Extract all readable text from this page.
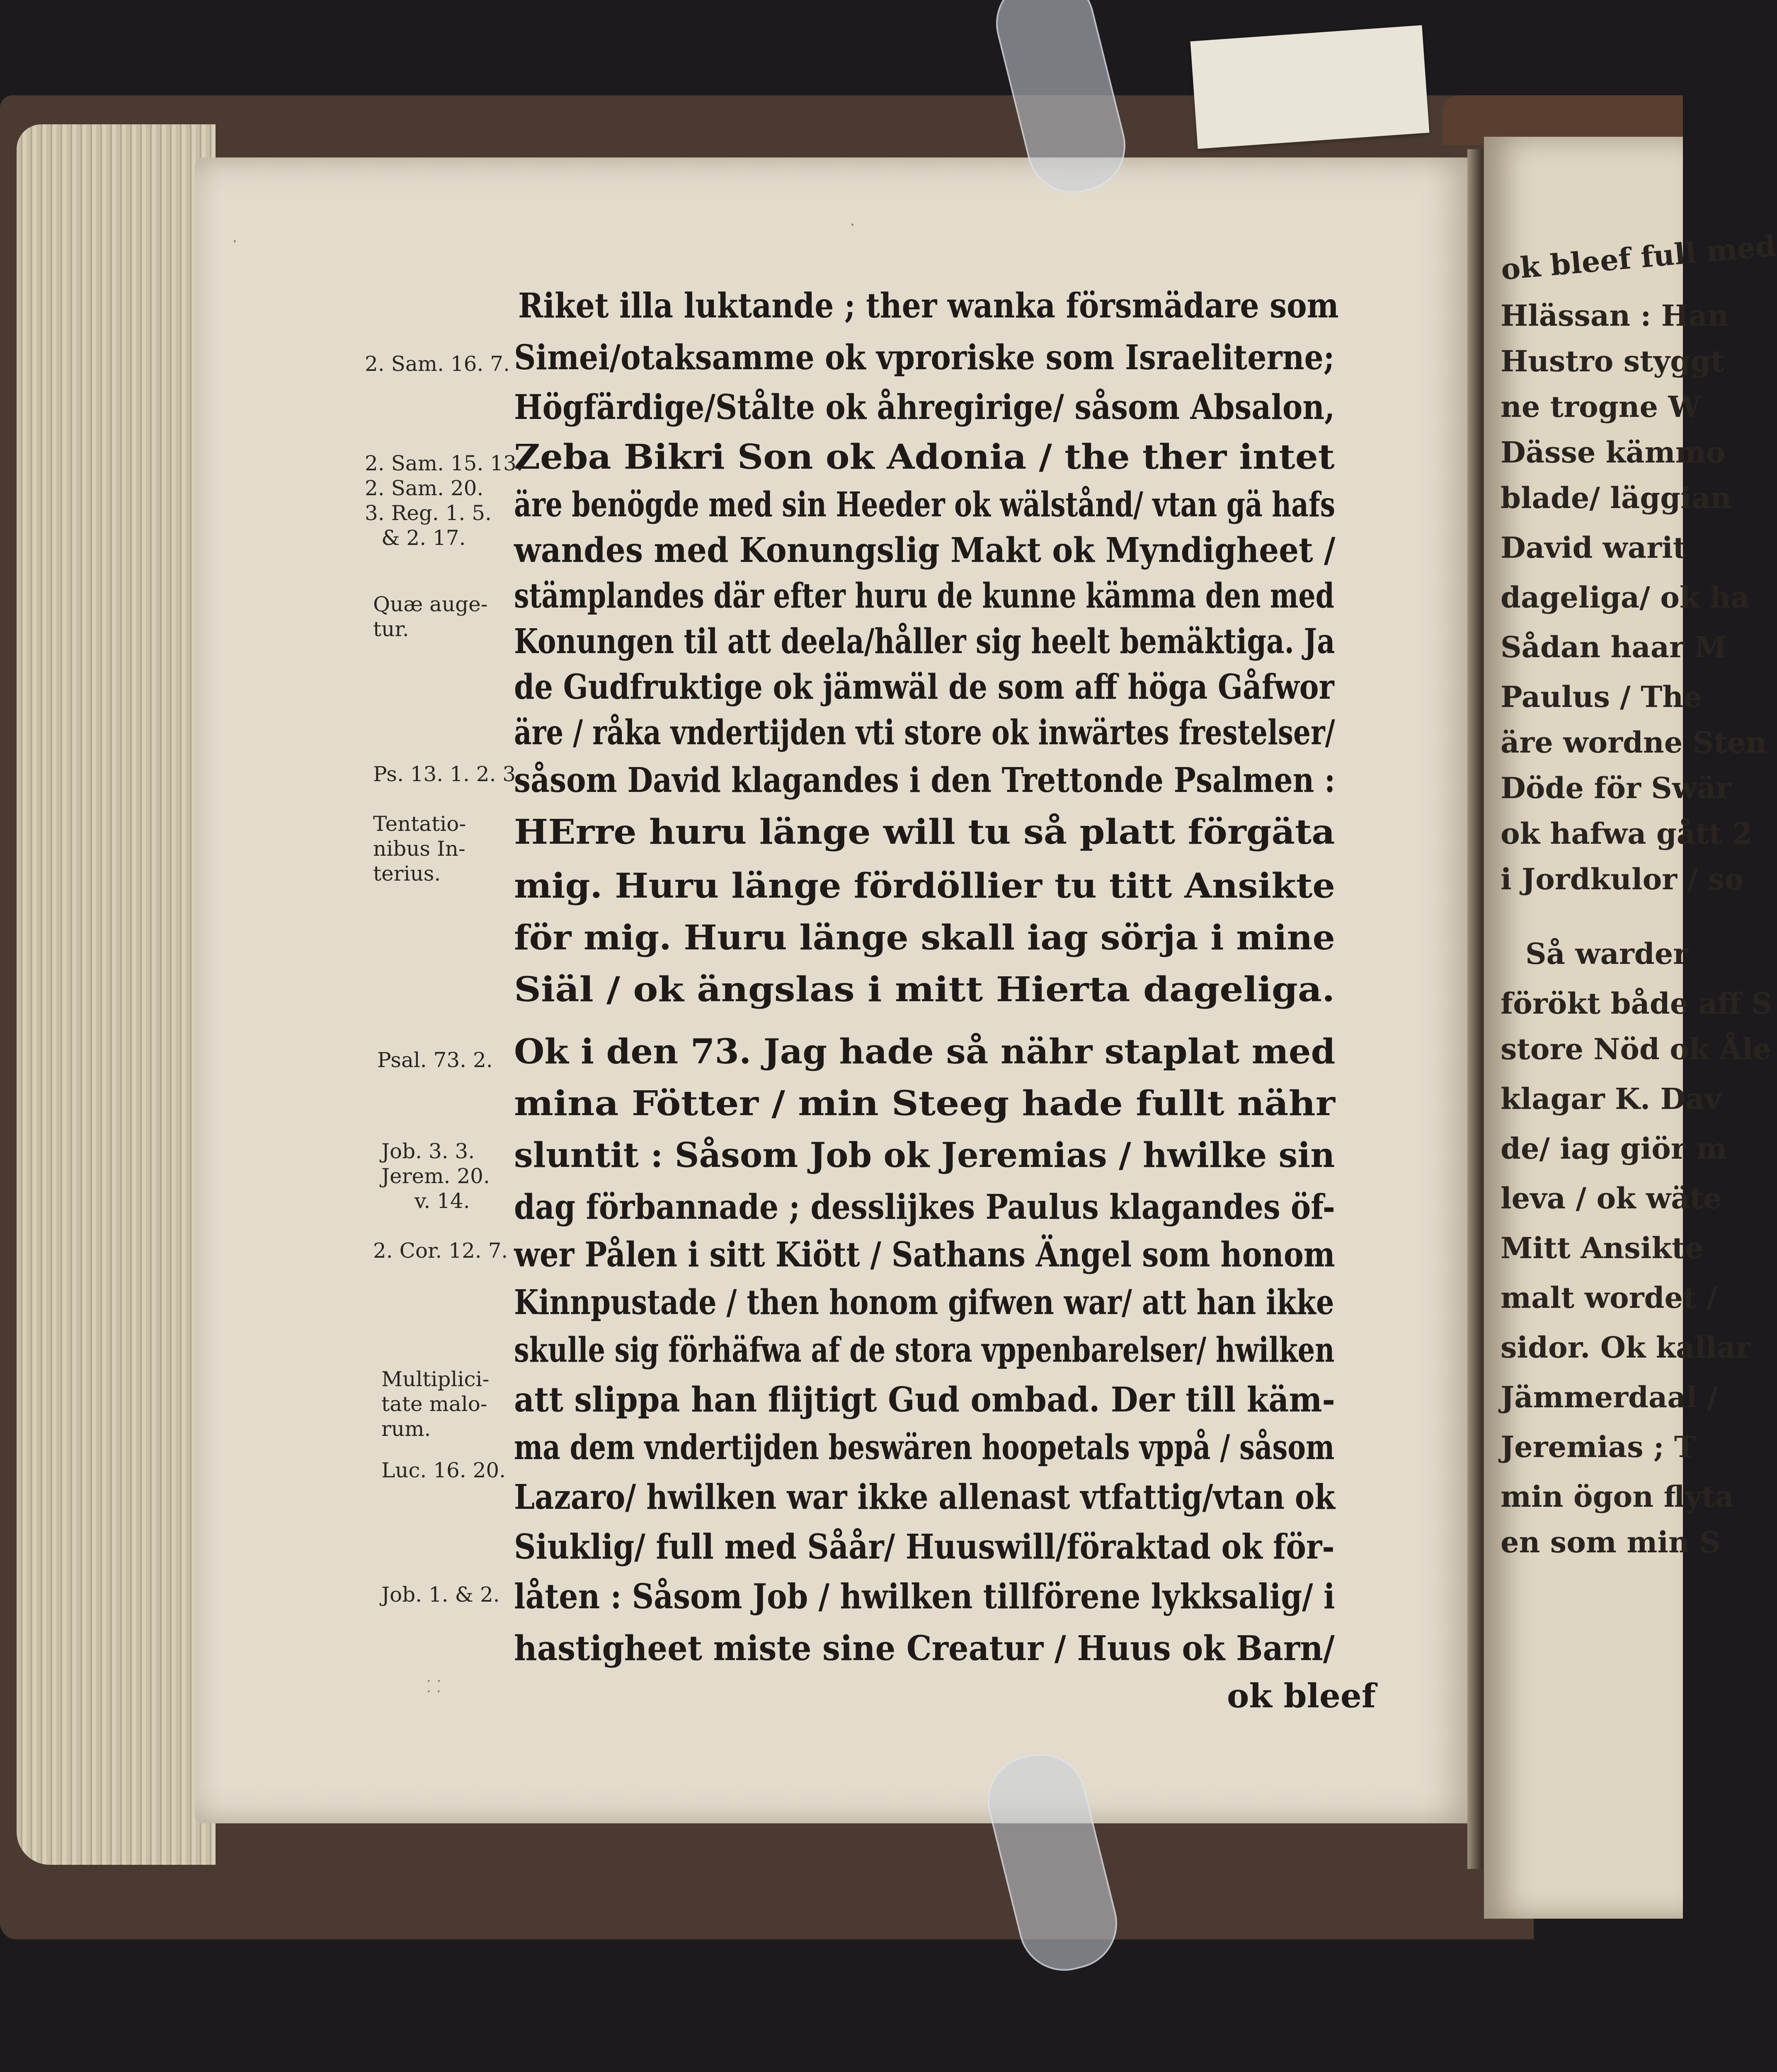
ok bleef full med
Hlässan : Han
Hustro styggt
ne trogne W
Dässe kämmo
blade/ läggian
David warit
dageliga/ ok ha
Sådan haar M
Paulus / The
äre wordne Sten
Döde för Swär
ok hafwa gått 2
i Jordkulor / so
Så warder
förökt både aff S
store Nöd ok Åle
klagar K. Dav
de/ iag giör m
leva / ok wäte
Mitt Ansikte
malt wordet /
sidor. Ok kallar
Jämmerdaal /
Jeremias ; T
min ögon flyta
en som min S
Riket illa luktande ; ther wanka försmädare som
Simei/otaksamme ok vproriske som Israeliterne;
Högfärdige/Stålte ok åhregirige/ såsom Absalon,
Zeba Bikri Son ok Adonia / the ther intet
äre benögde med sin Heeder ok wälstånd/ vtan gä hafs
wandes med Konungslig Makt ok Myndigheet /
stämplandes där efter huru de kunne kämma den med
Konungen til att deela/håller sig heelt bemäktiga. Ja
de Gudfruktige ok jämwäl de som aff höga Gåfwor
äre / råka vndertijden vti store ok inwärtes frestelser/
såsom David klagandes i den Trettonde Psalmen :
HErre huru länge will tu så platt förgäta
mig. Huru länge fördöllier tu titt Ansikte
för mig. Huru länge skall iag sörja i mine
Siäl / ok ängslas i mitt Hierta dageliga.
Ok i den 73. Jag hade så nähr staplat med
mina Fötter / min Steeg hade fullt nähr
sluntit : Såsom Job ok Jeremias / hwilke sin
dag förbannade ; desslijkes Paulus klagandes öf-
wer Pålen i sitt Kiött / Sathans Ängel som honom
Kinnpustade / then honom gifwen war/ att han ikke
skulle sig förhäfwa af de stora vppenbarelser/ hwilken
att slippa han flijtigt Gud ombad. Der till käm-
ma dem vndertijden beswären hoopetals vppå / såsom
Lazaro/ hwilken war ikke allenast vtfattig/vtan ok
Siuklig/ full med Såår/ Huuswill/föraktad ok för-
låten : Såsom Job / hwilken tillförene lykksalig/ i
hastigheet miste sine Creatur / Huus ok Barn/
ok bleef
2. Sam. 16. 7.
2. Sam. 15. 13.
2. Sam. 20.
3. Reg. 1. 5.
& 2. 17.
Quæ auge-
tur.
Ps. 13. 1. 2. 3.
Tentatio-
nibus In-
terius.
Psal. 73. 2.
Job. 3. 3.
Jerem. 20.
v. 14.
2. Cor. 12. 7.
Multiplici-
tate malo-
rum.
Luc. 16. 20.
Job. 1. & 2.
·
·
⸬
